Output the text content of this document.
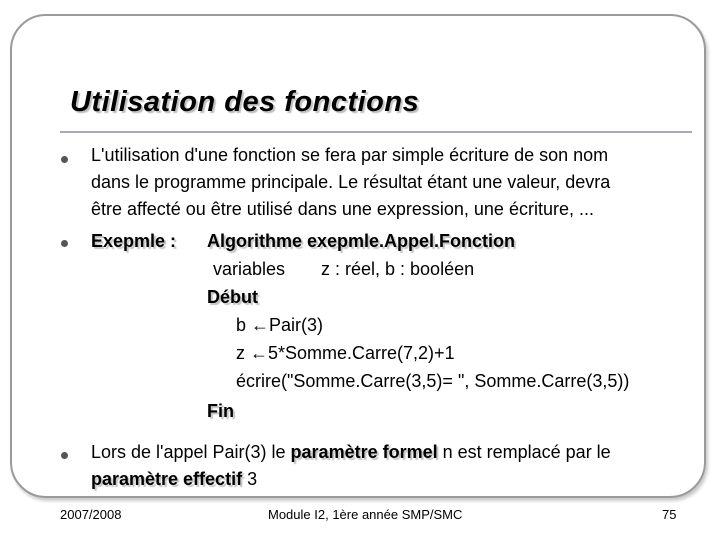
Utilisation des fonctions
L'utilisation d'une fonction se fera par simple écriture de son nom
dans le programme principale. Le résultat étant une valeur, devra
être affecté ou être utilisé dans une expression, une écriture, ...
Exepmle : Algorithme exepmle.Appel.Fonction
variables z : réel, b : booléen
Début
b ←Pair(3)
z ←5*Somme.Carre(7,2)+1
écrire("Somme.Carre(3,5)= ", Somme.Carre(3,5))
Fin
Lors de l'appel Pair(3) le paramètre formel n est remplacé par le
paramètre effectif 3
2007/2008	Module I2, 1ère année SMP/SMC	75
